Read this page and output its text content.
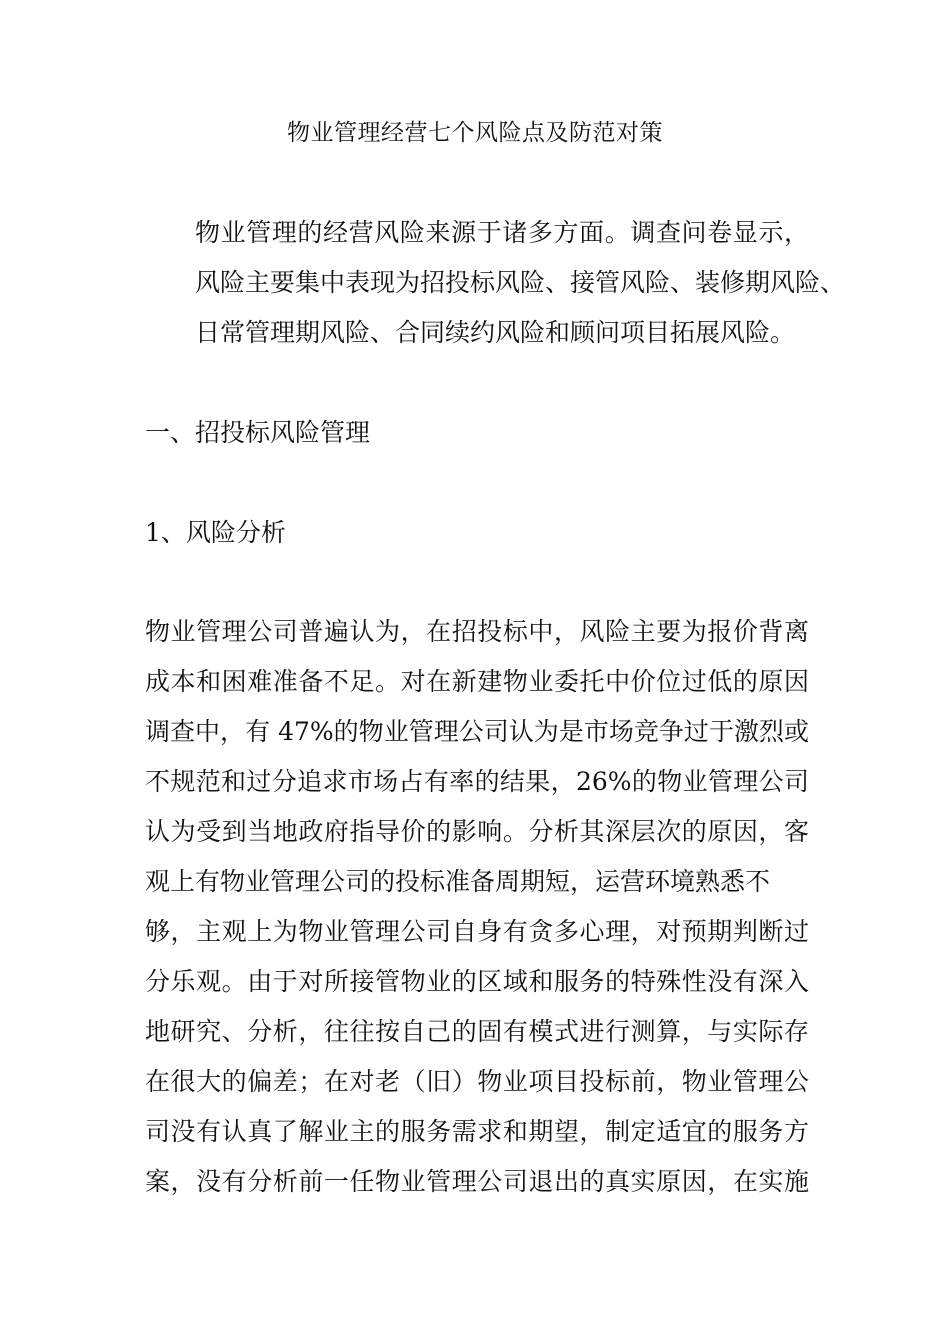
物业管理经营七个风险点及防范对策

物业管理的经营风险来源于诸多方面。调查问卷显示，
风险主要集中表现为招投标风险、接管风险、装修期风险、
日常管理期风险、合同续约风险和顾问项目拓展风险。

一、招投标风险管理
1、风险分析

物业管理公司普遍认为，在招投标中，风险主要为报价背离
成本和困难准备不足。对在新建物业委托中价位过低的原因
调查中，有 47%的物业管理公司认为是市场竞争过于激烈或
不规范和过分追求市场占有率的结果，26%的物业管理公司
认为受到当地政府指导价的影响。分析其深层次的原因，客
观上有物业管理公司的投标准备周期短，运营环境熟悉不
够，主观上为物业管理公司自身有贪多心理，对预期判断过
分乐观。由于对所接管物业的区域和服务的特殊性没有深入
地研究、分析，往往按自己的固有模式进行测算，与实际存
在很大的偏差；在对老（旧）物业项目投标前，物业管理公
司没有认真了解业主的服务需求和期望，制定适宜的服务方
案，没有分析前一任物业管理公司退出的真实原因，在实施
